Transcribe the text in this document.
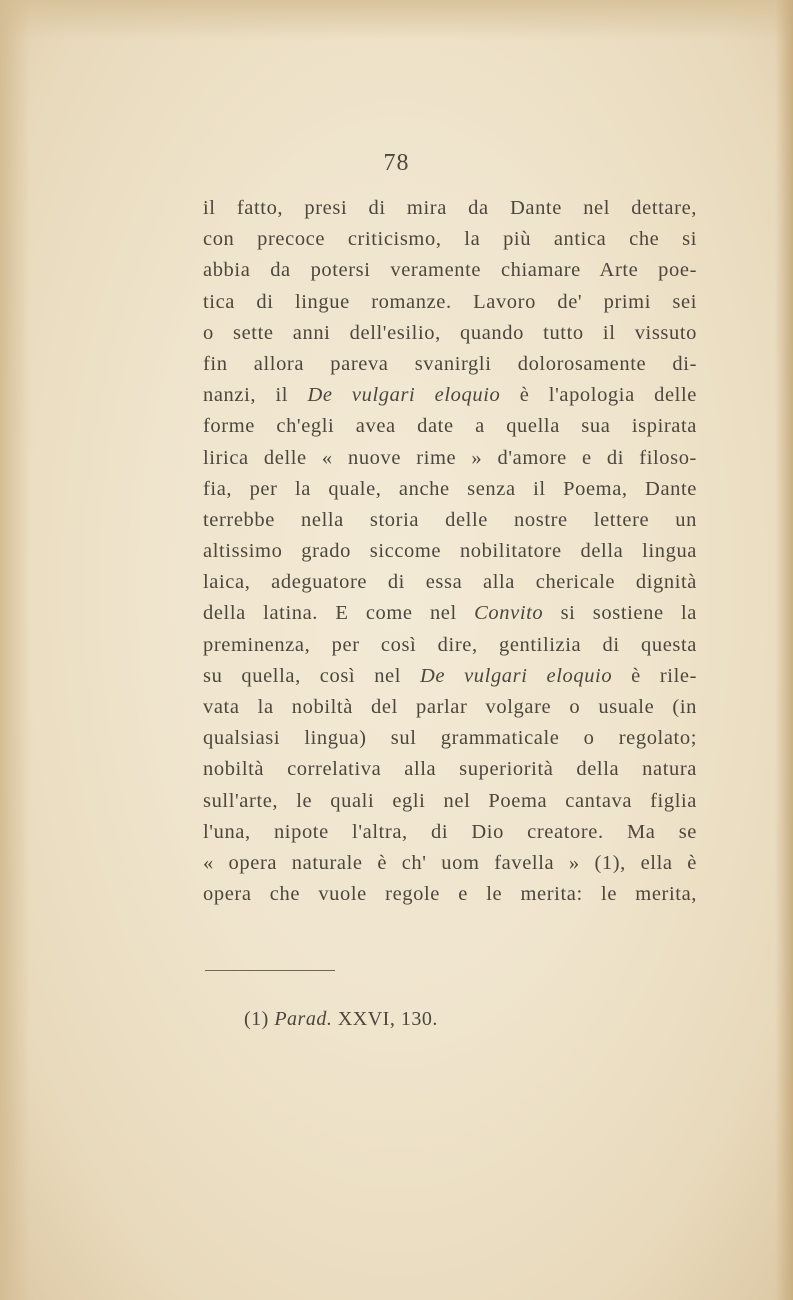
78
il fatto, presi di mira da Dante nel dettare,
con precoce criticismo, la più antica che si
abbia da potersi veramente chiamare Arte poe-
tica di lingue romanze. Lavoro de' primi sei
o sette anni dell'esilio, quando tutto il vissuto
fin allora pareva svanirgli dolorosamente di-
nanzi, il De vulgari eloquio è l'apologia delle
forme ch'egli avea date a quella sua ispirata
lirica delle « nuove rime » d'amore e di filoso-
fia, per la quale, anche senza il Poema, Dante
terrebbe nella storia delle nostre lettere un
altissimo grado siccome nobilitatore della lingua
laica, adeguatore di essa alla chericale dignità
della latina. E come nel Convito si sostiene la
preminenza, per così dire, gentilizia di questa
su quella, così nel De vulgari eloquio è rile-
vata la nobiltà del parlar volgare o usuale (in
qualsiasi lingua) sul grammaticale o regolato;
nobiltà correlativa alla superiorità della natura
sull'arte, le quali egli nel Poema cantava figlia
l'una, nipote l'altra, di Dio creatore. Ma se
« opera naturale è ch' uom favella » (1), ella è
opera che vuole regole e le merita: le merita,
(1) Parad. XXVI, 130.
